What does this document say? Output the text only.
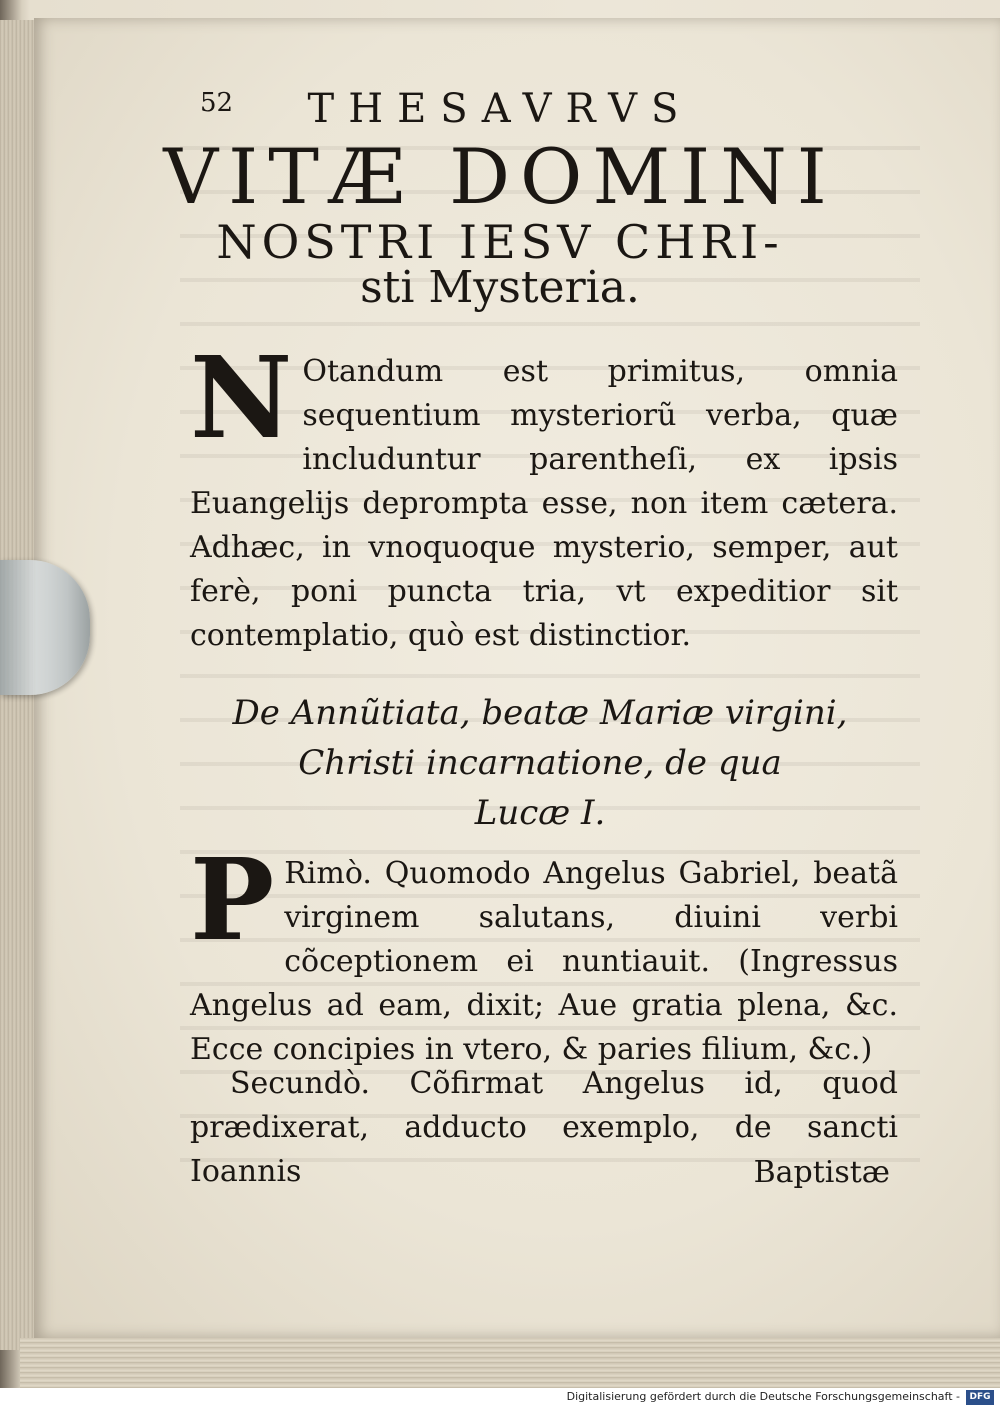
52	THESAVRVS
VITÆ DOMINI
NOSTRI IESV CHRI-
sti Mysteria.
N Otandum est primitus, omnia sequentium mysteriorũ verba, quæ includuntur parentheſi, ex ipsis Euangelijs deprompta esse, non item cætera. Adhæc, in vnoquoque mysterio, semper, aut ferè, poni puncta tria, vt expeditior sit contemplatio, quò est distinctior.

De Annũtiata, beatæ Mariæ virgini,
Christi incarnatione, de qua
Lucæ I.
P Rimò. Quomodo Angelus Gabriel, beatã virginem salutans, diuini verbi cõceptionem ei nuntiauit. (Ingressus Angelus ad eam, dixit; Aue gratia plena, &c. Ecce concipies in vtero, & paries filium, &c.)

Secundò. Cõfirmat Angelus id, quod prædixerat, adducto exemplo, de sancti Ioannis	Baptistæ
Digitalisierung gefördert durch die Deutsche Forschungsgemeinschaft -	DFG
